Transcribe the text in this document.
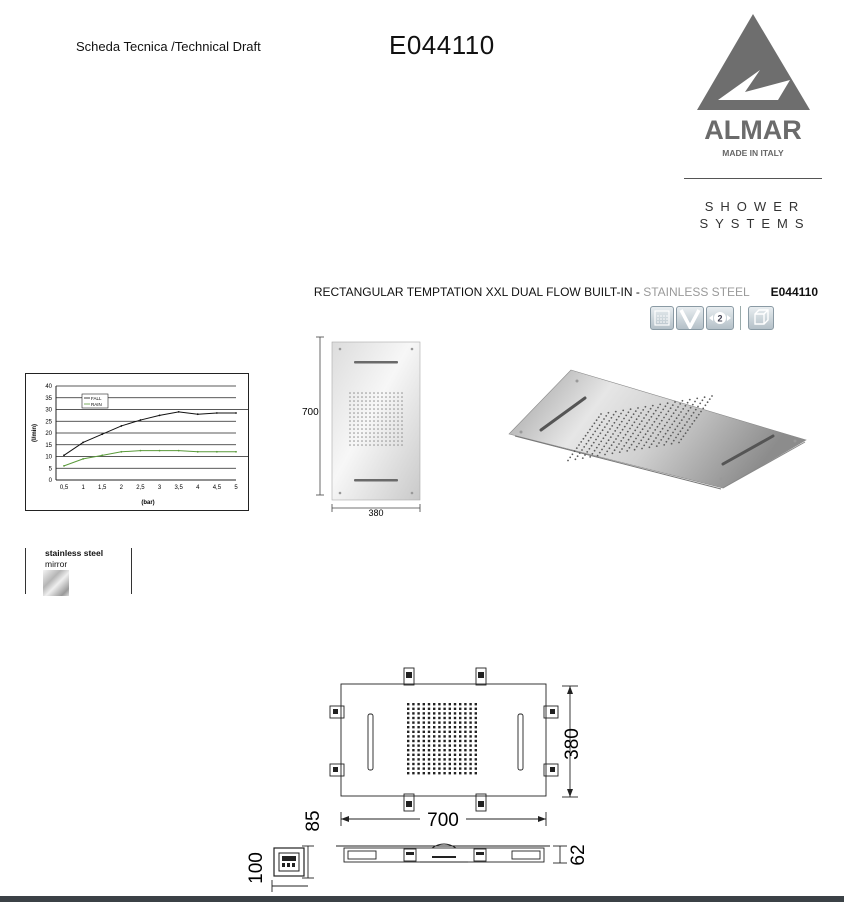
Scheda Tecnica /Technical Draft	E044110
ALMAR
MADE IN ITALY
SHOWER
SYSTEMS
RECTANGULAR TEMPTATION XXL DUAL FLOW BUILT-IN - STAINLESS STEEL E044110
2
0
5
10
15
20
25
30
35
40
0,5 1 1,5 2 2,5 3 3,5 4 4,5 5
FALL
RAIN
(bar)
(l/min)
stainless steel
mirror
700
380
380
700
62
85
100
